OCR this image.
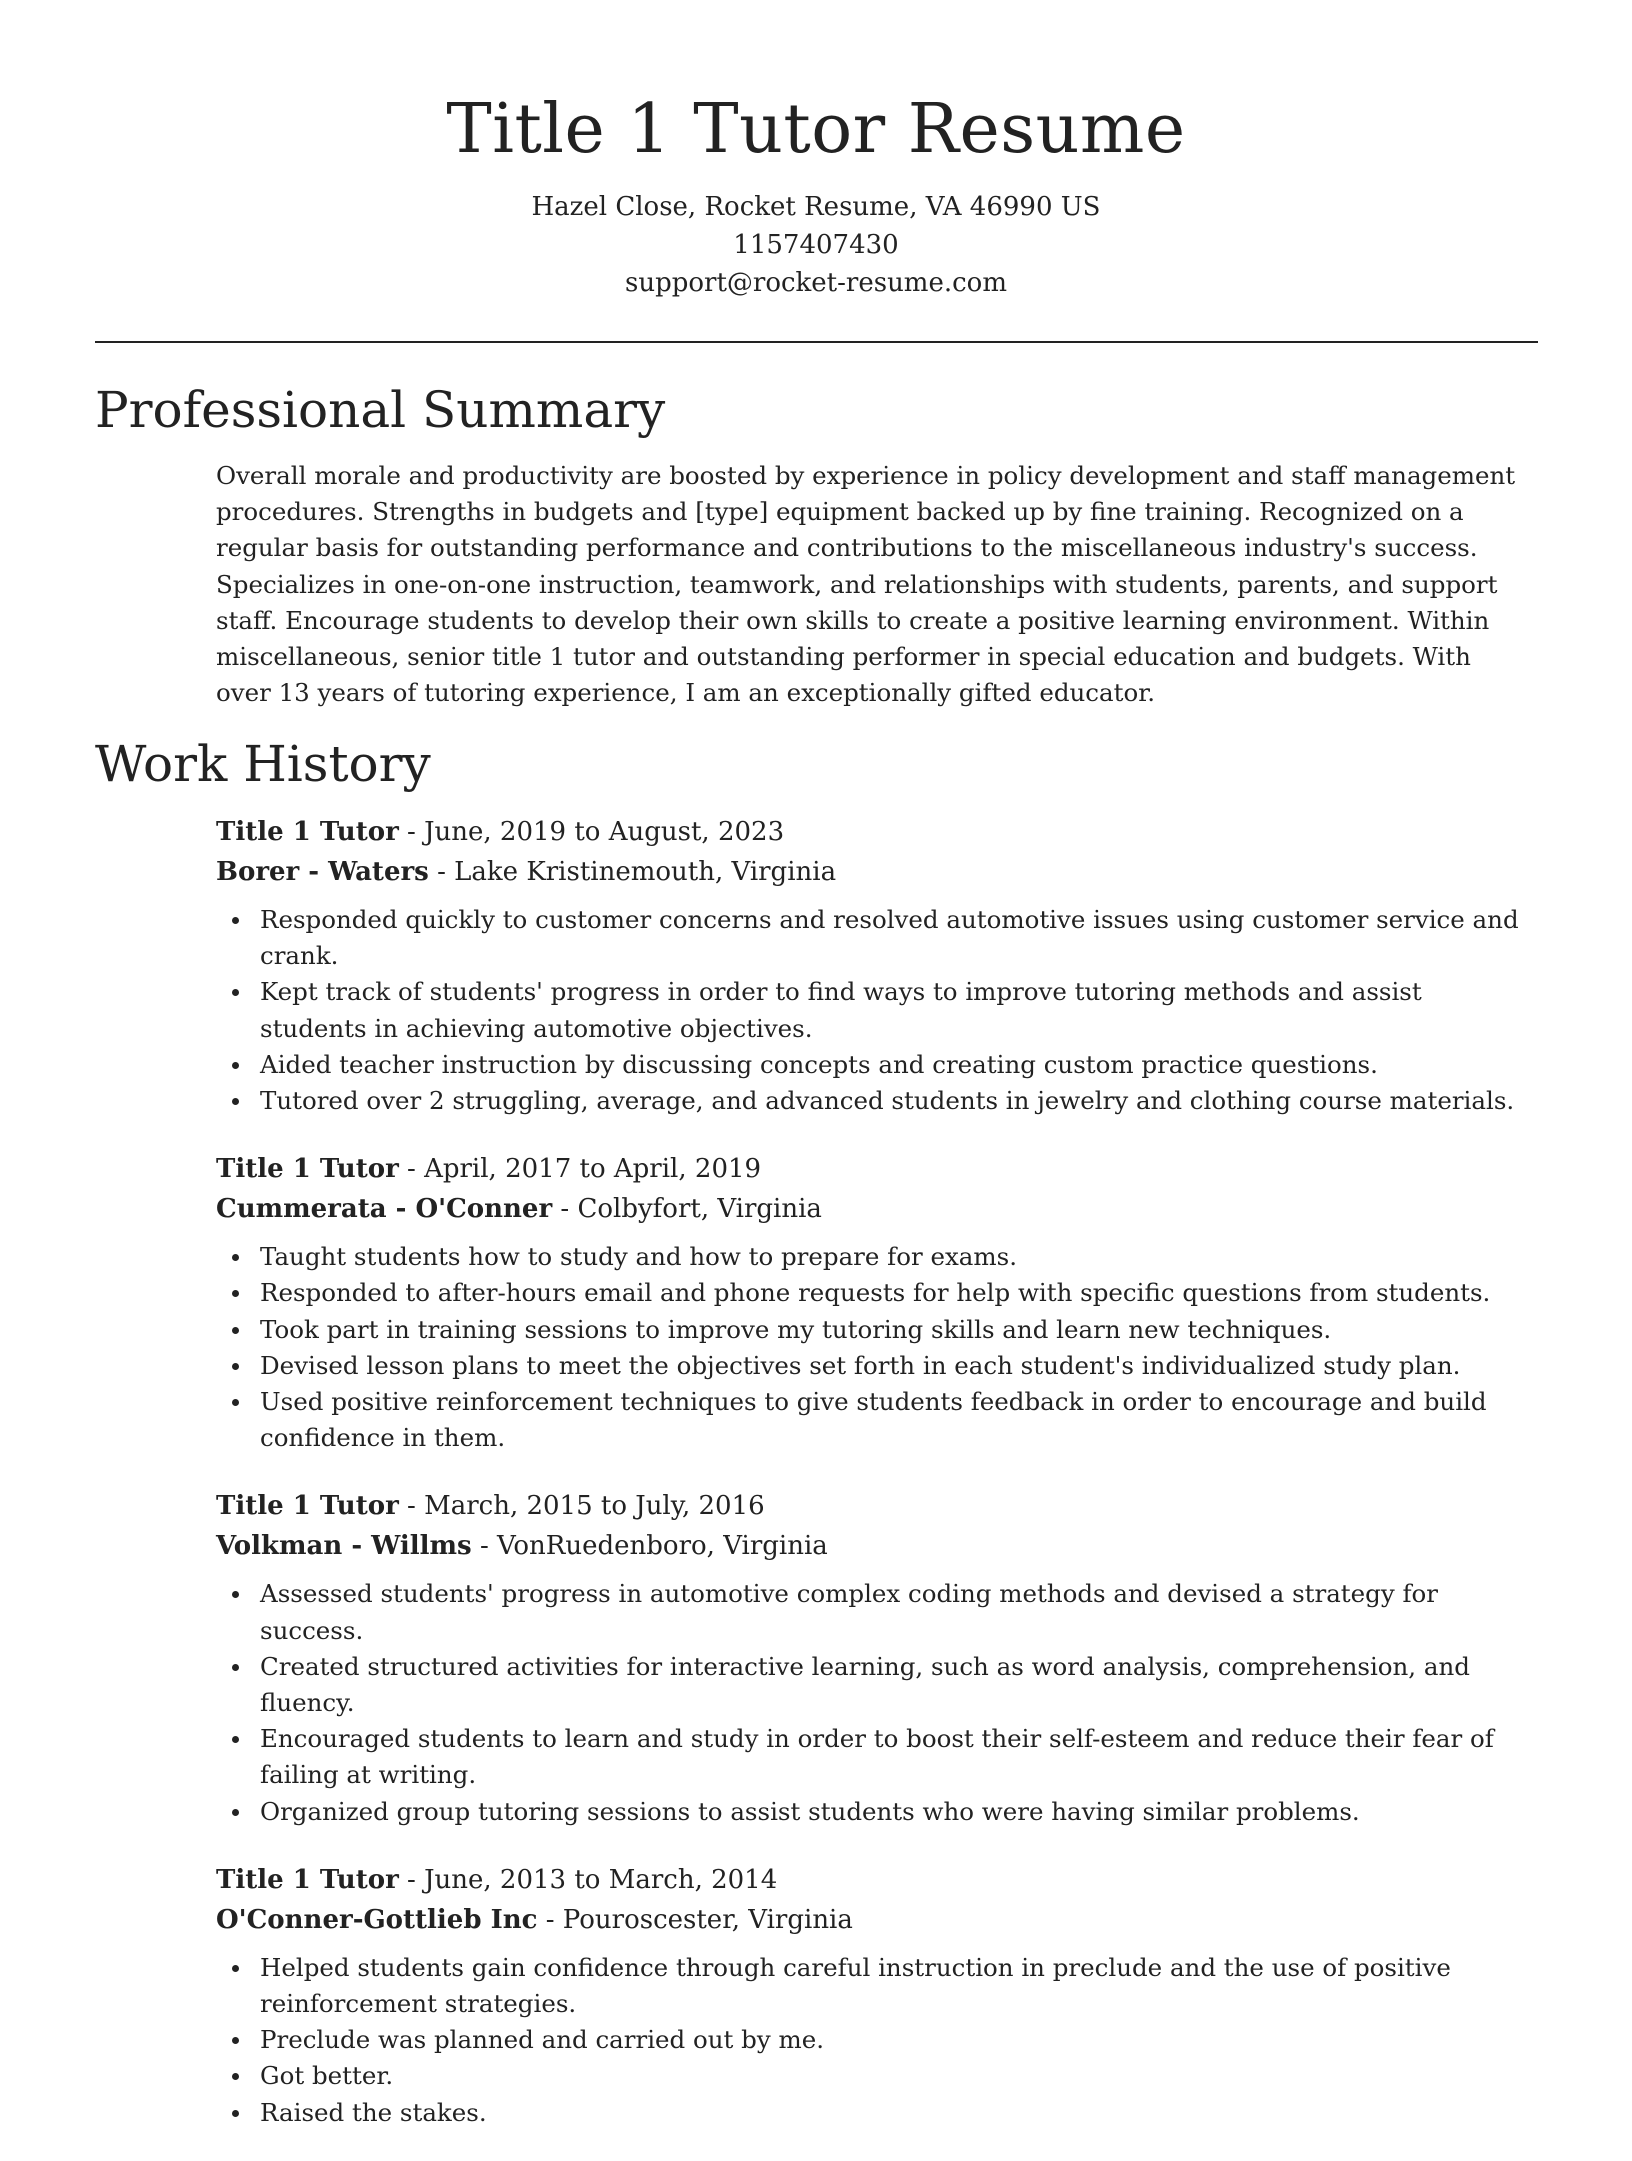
Title 1 Tutor Resume
Hazel Close, Rocket Resume, VA 46990 US
1157407430
support@rocket-resume.com
Professional Summary

Overall morale and productivity are boosted by experience in policy development and staff management procedures. Strengths in budgets and [type] equipment backed up by fine training. Recognized on a regular basis for outstanding performance and contributions to the miscellaneous industry's success. Specializes in one-on-one instruction, teamwork, and relationships with students, parents, and support staff. Encourage students to develop their own skills to create a positive learning environment. Within miscellaneous, senior title 1 tutor and outstanding performer in special education and budgets. With over 13 years of tutoring experience, I am an exceptionally gifted educator.

Work History
Title 1 Tutor - June, 2019 to August, 2023
Borer - Waters - Lake Kristinemouth, Virginia
Responded quickly to customer concerns and resolved automotive issues using customer service and crank.
Kept track of students' progress in order to find ways to improve tutoring methods and assist students in achieving automotive objectives.
Aided teacher instruction by discussing concepts and creating custom practice questions.
Tutored over 2 struggling, average, and advanced students in jewelry and clothing course materials.
Title 1 Tutor - April, 2017 to April, 2019
Cummerata - O'Conner - Colbyfort, Virginia
Taught students how to study and how to prepare for exams.
Responded to after-hours email and phone requests for help with specific questions from students.
Took part in training sessions to improve my tutoring skills and learn new techniques.
Devised lesson plans to meet the objectives set forth in each student's individualized study plan.
Used positive reinforcement techniques to give students feedback in order to encourage and build confidence in them.
Title 1 Tutor - March, 2015 to July, 2016
Volkman - Willms - VonRuedenboro, Virginia
Assessed students' progress in automotive complex coding methods and devised a strategy for success.
Created structured activities for interactive learning, such as word analysis, comprehension, and fluency.
Encouraged students to learn and study in order to boost their self-esteem and reduce their fear of failing at writing.
Organized group tutoring sessions to assist students who were having similar problems.
Title 1 Tutor - June, 2013 to March, 2014
O'Conner-Gottlieb Inc - Pouroscester, Virginia
Helped students gain confidence through careful instruction in preclude and the use of positive reinforcement strategies.
Preclude was planned and carried out by me.
Got better.
Raised the stakes.
